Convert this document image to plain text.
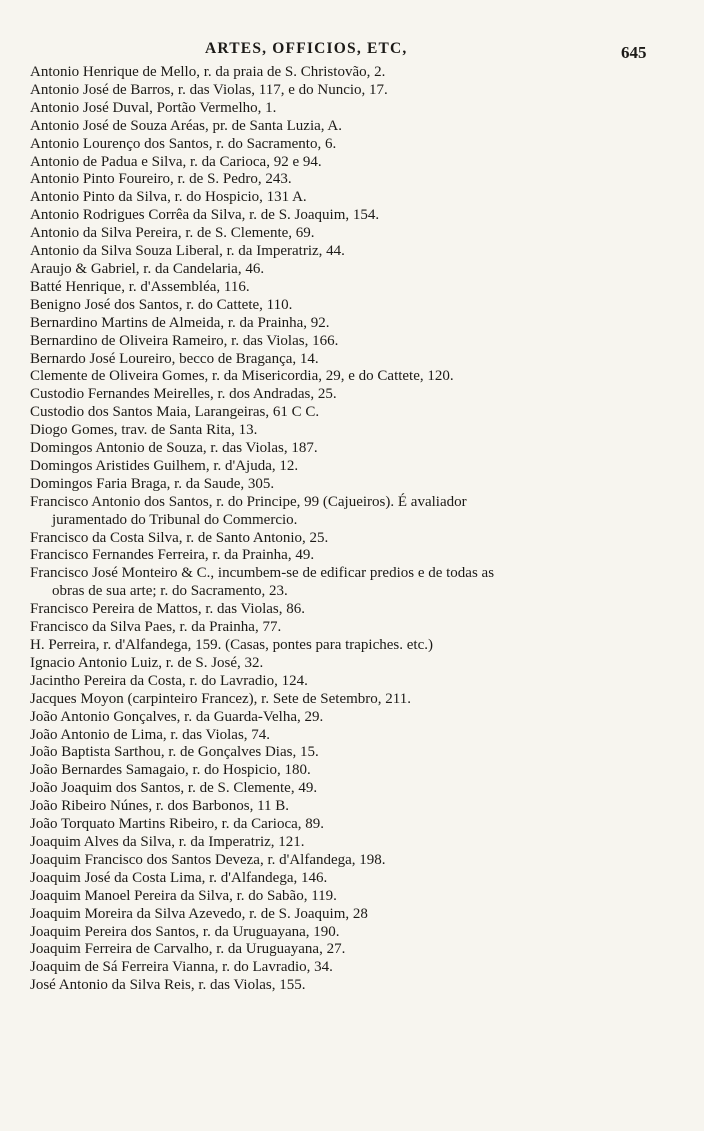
ARTES, OFFICIOS, ETC,	645
Antonio Henrique de Mello, r. da praia de S. Christovão, 2.
Antonio José de Barros, r. das Violas, 117, e do Nuncio, 17.
Antonio José Duval, Portão Vermelho, 1.
Antonio José de Souza Aréas, pr. de Santa Luzia, A.
Antonio Lourenço dos Santos, r. do Sacramento, 6.
Antonio de Padua e Silva, r. da Carioca, 92 e 94.
Antonio Pinto Foureiro, r. de S. Pedro, 243.
Antonio Pinto da Silva, r. do Hospicio, 131 A.
Antonio Rodrigues Corrêa da Silva, r. de S. Joaquim, 154.
Antonio da Silva Pereira, r. de S. Clemente, 69.
Antonio da Silva Souza Liberal, r. da Imperatriz, 44.
Araujo & Gabriel, r. da Candelaria, 46.
Batté Henrique, r. d'Assembléa, 116.
Benigno José dos Santos, r. do Cattete, 110.
Bernardino Martins de Almeida, r. da Prainha, 92.
Bernardino de Oliveira Rameiro, r. das Violas, 166.
Bernardo José Loureiro, becco de Bragança, 14.
Clemente de Oliveira Gomes, r. da Misericordia, 29, e do Cattete, 120.
Custodio Fernandes Meirelles, r. dos Andradas, 25.
Custodio dos Santos Maia, Larangeiras, 61 C C.
Diogo Gomes, trav. de Santa Rita, 13.
Domingos Antonio de Souza, r. das Violas, 187.
Domingos Aristides Guilhem, r. d'Ajuda, 12.
Domingos Faria Braga, r. da Saude, 305.
Francisco Antonio dos Santos, r. do Principe, 99 (Cajueiros). É avaliador
juramentado do Tribunal do Commercio.
Francisco da Costa Silva, r. de Santo Antonio, 25.
Francisco Fernandes Ferreira, r. da Prainha, 49.
Francisco José Monteiro & C., incumbem-se de edificar predios e de todas as
obras de sua arte; r. do Sacramento, 23.
Francisco Pereira de Mattos, r. das Violas, 86.
Francisco da Silva Paes, r. da Prainha, 77.
H. Perreira, r. d'Alfandega, 159. (Casas, pontes para trapiches. etc.)
Ignacio Antonio Luiz, r. de S. José, 32.
Jacintho Pereira da Costa, r. do Lavradio, 124.
Jacques Moyon (carpinteiro Francez), r. Sete de Setembro, 211.
João Antonio Gonçalves, r. da Guarda-Velha, 29.
João Antonio de Lima, r. das Violas, 74.
João Baptista Sarthou, r. de Gonçalves Dias, 15.
João Bernardes Samagaio, r. do Hospicio, 180.
João Joaquim dos Santos, r. de S. Clemente, 49.
João Ribeiro Núnes, r. dos Barbonos, 11 B.
João Torquato Martins Ribeiro, r. da Carioca, 89.
Joaquim Alves da Silva, r. da Imperatriz, 121.
Joaquim Francisco dos Santos Deveza, r. d'Alfandega, 198.
Joaquim José da Costa Lima, r. d'Alfandega, 146.
Joaquim Manoel Pereira da Silva, r. do Sabão, 119.
Joaquim Moreira da Silva Azevedo, r. de S. Joaquim, 28
Joaquim Pereira dos Santos, r. da Uruguayana, 190.
Joaquim Ferreira de Carvalho, r. da Uruguayana, 27.
Joaquim de Sá Ferreira Vianna, r. do Lavradio, 34.
José Antonio da Silva Reis, r. das Violas, 155.
